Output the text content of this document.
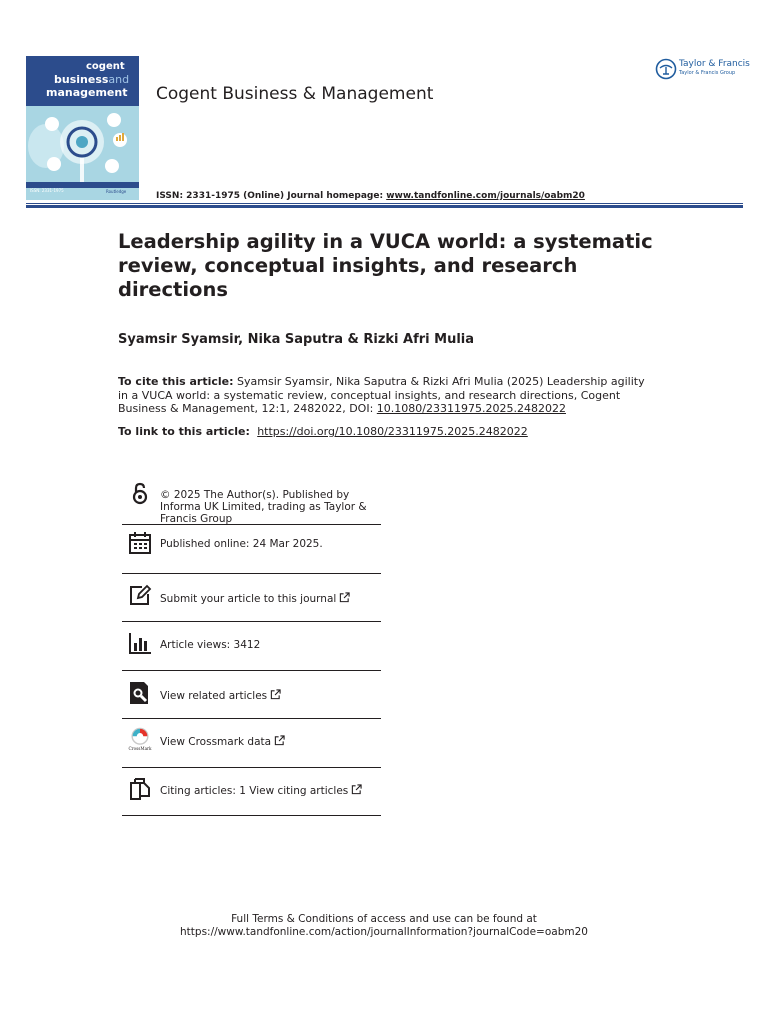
cogent
businessand
management
ISSN: 2331-1975	Routledge
Cogent Business & Management
Taylor & Francis
Taylor & Francis Group
ISSN: 2331-1975 (Online) Journal homepage: www.tandfonline.com/journals/oabm20
Leadership agility in a VUCA world: a systematic review, conceptual insights, and research directions
Syamsir Syamsir, Nika Saputra & Rizki Afri Mulia
To cite this article: Syamsir Syamsir, Nika Saputra & Rizki Afri Mulia (2025) Leadership agility in a VUCA world: a systematic review, conceptual insights, and research directions, Cogent Business & Management, 12:1, 2482022, DOI: 10.1080/23311975.2025.2482022
To link to this article:  https://doi.org/10.1080/23311975.2025.2482022
© 2025 The Author(s). Published by Informa UK Limited, trading as Taylor & Francis Group
Published online: 24 Mar 2025.
Submit your article to this journal
Article views: 3412
View related articles
CrossMark
View Crossmark data
Citing articles: 1 View citing articles
Full Terms & Conditions of access and use can be found at
https://www.tandfonline.com/action/journalInformation?journalCode=oabm20
